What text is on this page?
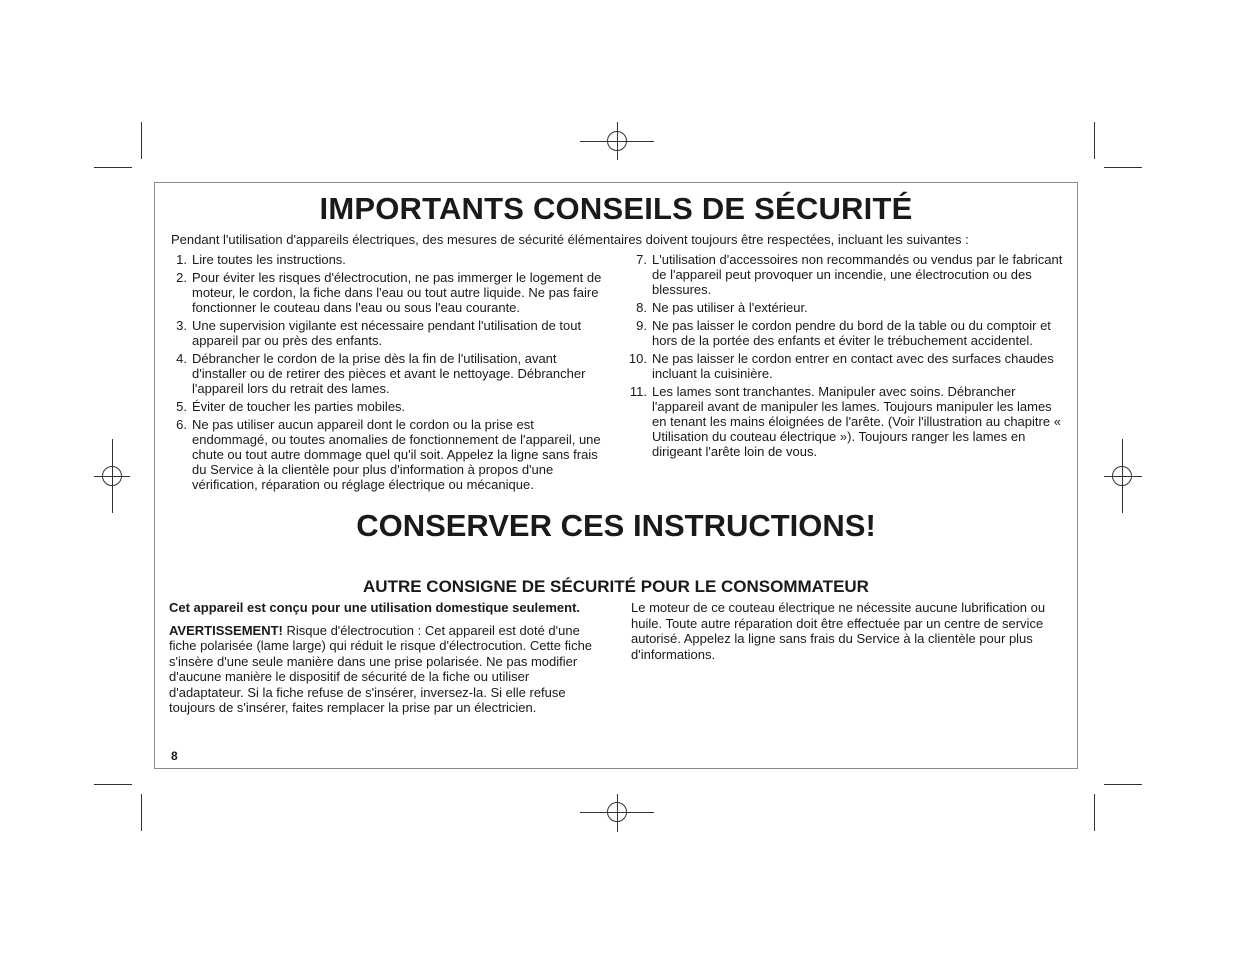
IMPORTANTS CONSEILS DE SÉCURITÉ

Pendant l'utilisation d'appareils électriques, des mesures de sécurité élémentaires doivent toujours être respectées, incluant les suivantes :

1. Lire toutes les instructions.
2. Pour éviter les risques d'électrocution, ne pas immerger le logement de moteur, le cordon, la fiche dans l'eau ou tout autre liquide. Ne pas faire fonctionner le couteau dans l'eau ou sous l'eau courante.
3. Une supervision vigilante est nécessaire pendant l'utilisation de tout appareil par ou près des enfants.
4. Débrancher le cordon de la prise dès la fin de l'utilisation, avant d'installer ou de retirer des pièces et avant le nettoyage. Débrancher l'appareil lors du retrait des lames.
5. Éviter de toucher les parties mobiles.
6. Ne pas utiliser aucun appareil dont le cordon ou la prise est endommagé, ou toutes anomalies de fonctionnement de l'appareil, une chute ou tout autre dommage quel qu'il soit. Appelez la ligne sans frais du Service à la clientèle pour plus d'information à propos d'une vérification, réparation ou réglage électrique ou mécanique.
7. L'utilisation d'accessoires non recommandés ou vendus par le fabricant de l'appareil peut provoquer un incendie, une électrocution ou des blessures.
8. Ne pas utiliser à l'extérieur.
9. Ne pas laisser le cordon pendre du bord de la table ou du comptoir et hors de la portée des enfants et éviter le trébuchement accidentel.
10. Ne pas laisser le cordon entrer en contact avec des surfaces chaudes incluant la cuisinière.
11. Les lames sont tranchantes. Manipuler avec soins. Débrancher l'appareil avant de manipuler les lames. Toujours manipuler les lames en tenant les mains éloignées de l'arête. (Voir l'illustration au chapitre « Utilisation du couteau électrique »). Toujours ranger les lames en dirigeant l'arête loin de vous.
CONSERVER CES INSTRUCTIONS!
AUTRE CONSIGNE DE SÉCURITÉ POUR LE CONSOMMATEUR

Cet appareil est conçu pour une utilisation domestique seulement.

AVERTISSEMENT! Risque d'électrocution : Cet appareil est doté d'une fiche polarisée (lame large) qui réduit le risque d'électrocution. Cette fiche s'insère d'une seule manière dans une prise polarisée. Ne pas modifier d'aucune manière le dispositif de sécurité de la fiche ou utiliser d'adaptateur. Si la fiche refuse de s'insérer, inversez-la. Si elle refuse toujours de s'insérer, faites remplacer la prise par un électricien.

Le moteur de ce couteau électrique ne nécessite aucune lubrification ou huile. Toute autre réparation doit être effectuée par un centre de service autorisé. Appelez la ligne sans frais du Service à la clientèle pour plus d'informations.

8
